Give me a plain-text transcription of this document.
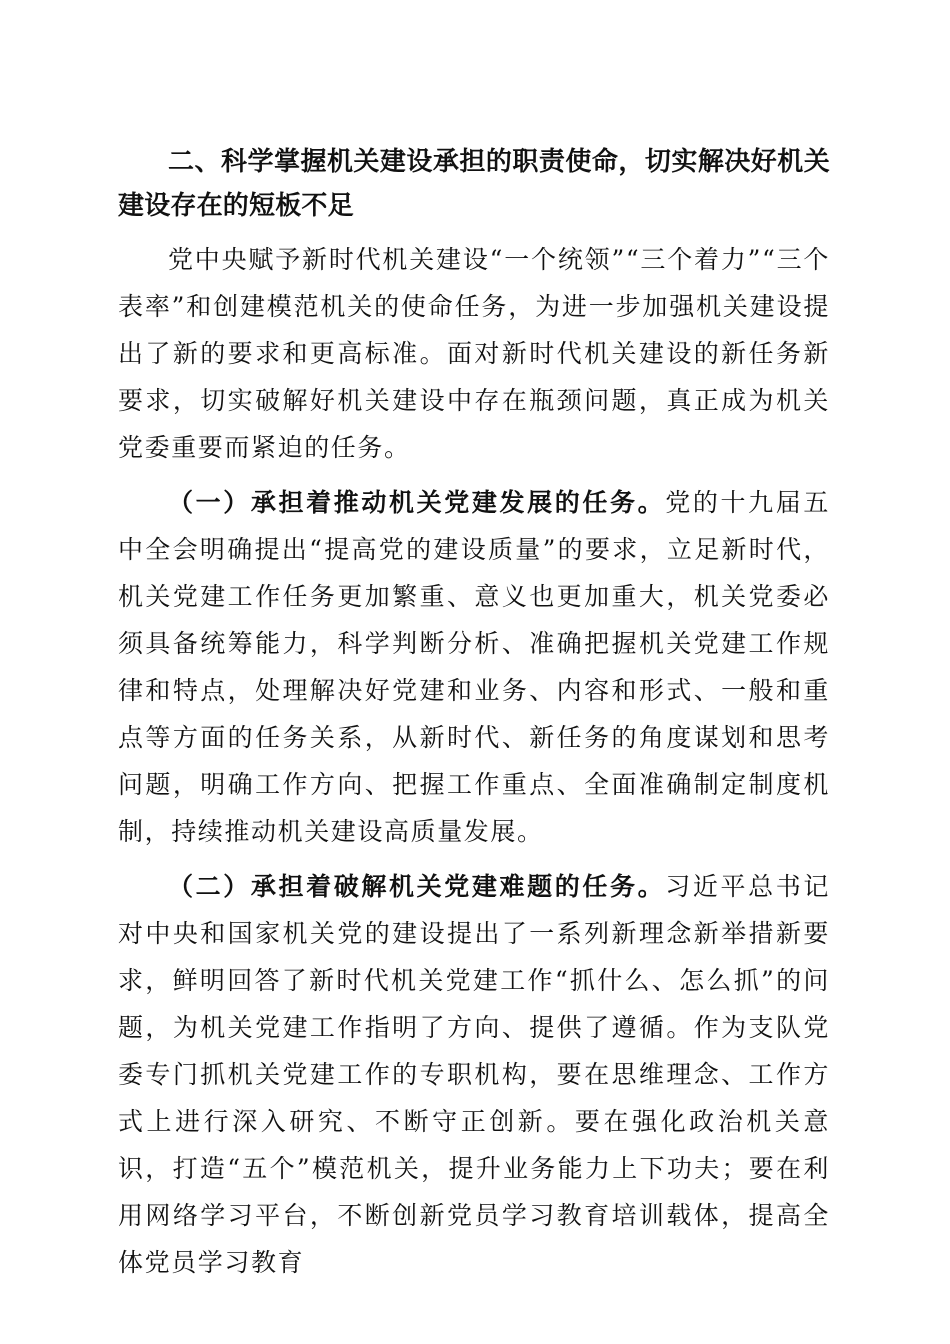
二、科学掌握机关建设承担的职责使命，切实解决好机关建设存在的短板不足

党中央赋予新时代机关建设“一个统领”“三个着力”“三个表率”和创建模范机关的使命任务，为进一步加强机关建设提出了新的要求和更高标准。面对新时代机关建设的新任务新要求，切实破解好机关建设中存在瓶颈问题，真正成为机关党委重要而紧迫的任务。

（一）承担着推动机关党建发展的任务。党的十九届五中全会明确提出“提高党的建设质量”的要求，立足新时代，机关党建工作任务更加繁重、意义也更加重大，机关党委必须具备统筹能力，科学判断分析、准确把握机关党建工作规律和特点，处理解决好党建和业务、内容和形式、一般和重点等方面的任务关系，从新时代、新任务的角度谋划和思考问题，明确工作方向、把握工作重点、全面准确制定制度机制，持续推动机关建设高质量发展。

（二）承担着破解机关党建难题的任务。习近平总书记对中央和国家机关党的建设提出了一系列新理念新举措新要求，鲜明回答了新时代机关党建工作“抓什么、怎么抓”的问题，为机关党建工作指明了方向、提供了遵循。作为支队党委专门抓机关党建工作的专职机构，要在思维理念、工作方式上进行深入研究、不断守正创新。要在强化政治机关意识，打造“五个”模范机关，提升业务能力上下功夫；要在利用网络学习平台，不断创新党员学习教育培训载体，提高全体党员学习教育
